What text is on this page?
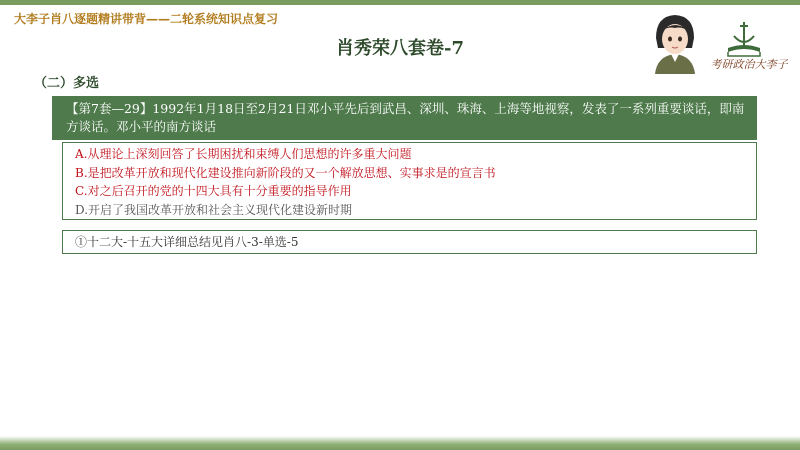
大李子肖八逐题精讲带背——二轮系统知识点复习
肖秀荣八套卷-7
考研政治大李子
（二）多选
【第7套—29】1992年1月18日至2月21日邓小平先后到武昌、深圳、珠海、上海等地视察，发表了一系列重要谈话，即南方谈话。邓小平的南方谈话
A.从理论上深刻回答了长期困扰和束缚人们思想的许多重大问题
B.是把改革开放和现代化建设推向新阶段的又一个解放思想、实事求是的宣言书
C.对之后召开的党的十四大具有十分重要的指导作用
D.开启了我国改革开放和社会主义现代化建设新时期
①十二大-十五大详细总结见肖八-3-单选-5
